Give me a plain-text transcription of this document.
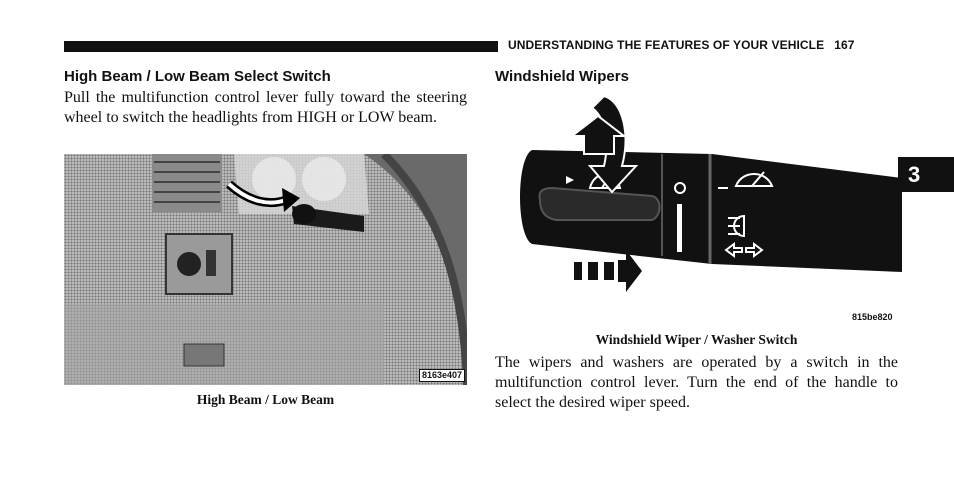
UNDERSTANDING THE FEATURES OF YOUR VEHICLE 167
3
High Beam / Low Beam Select Switch
Pull the multifunction control lever fully toward the steering wheel to switch the headlights from HIGH or LOW beam.
8163e407
High Beam / Low Beam
Windshield Wipers
815be820
Windshield Wiper / Washer Switch
The wipers and washers are operated by a switch in the multifunction control lever. Turn the end of the handle to select the desired wiper speed.
